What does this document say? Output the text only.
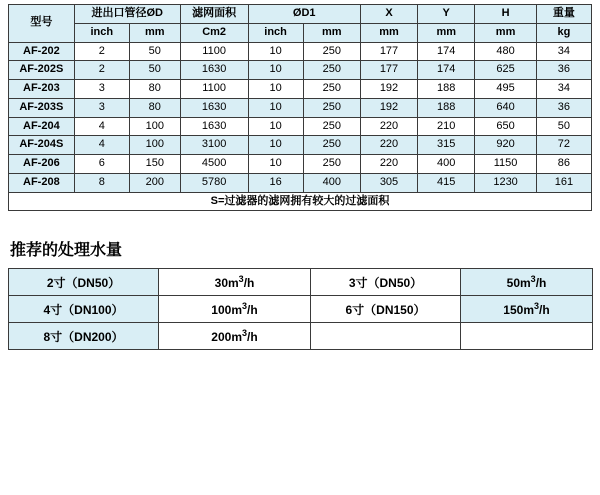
型号	进出口管径ØD		滤网面积	ØD1		X	Y	H	重量
	inch	mm	Cm2	inch	mm	mm	mm	mm	kg
AF-202	2	50	1100	10	250	177	174	480	34
AF-202S	2	50	1630	10	250	177	174	625	36
AF-203	3	80	1100	10	250	192	188	495	34
AF-203S	3	80	1630	10	250	192	188	640	36
AF-204	4	100	1630	10	250	220	210	650	50
AF-204S	4	100	3100	10	250	220	315	920	72
AF-206	6	150	4500	10	250	220	400	1150	86
AF-208	8	200	5780	16	400	305	415	1230	161
S=过滤器的滤网拥有较大的过滤面积									
推荐的处理水量
2寸（DN50）	$30m^3/h$	3寸（DN50）	$50m^3/h$
4寸（DN100）	$100m^3/h$	6寸（DN150）	$150m^3/h$
8寸（DN200）	$200m^3/h$		
